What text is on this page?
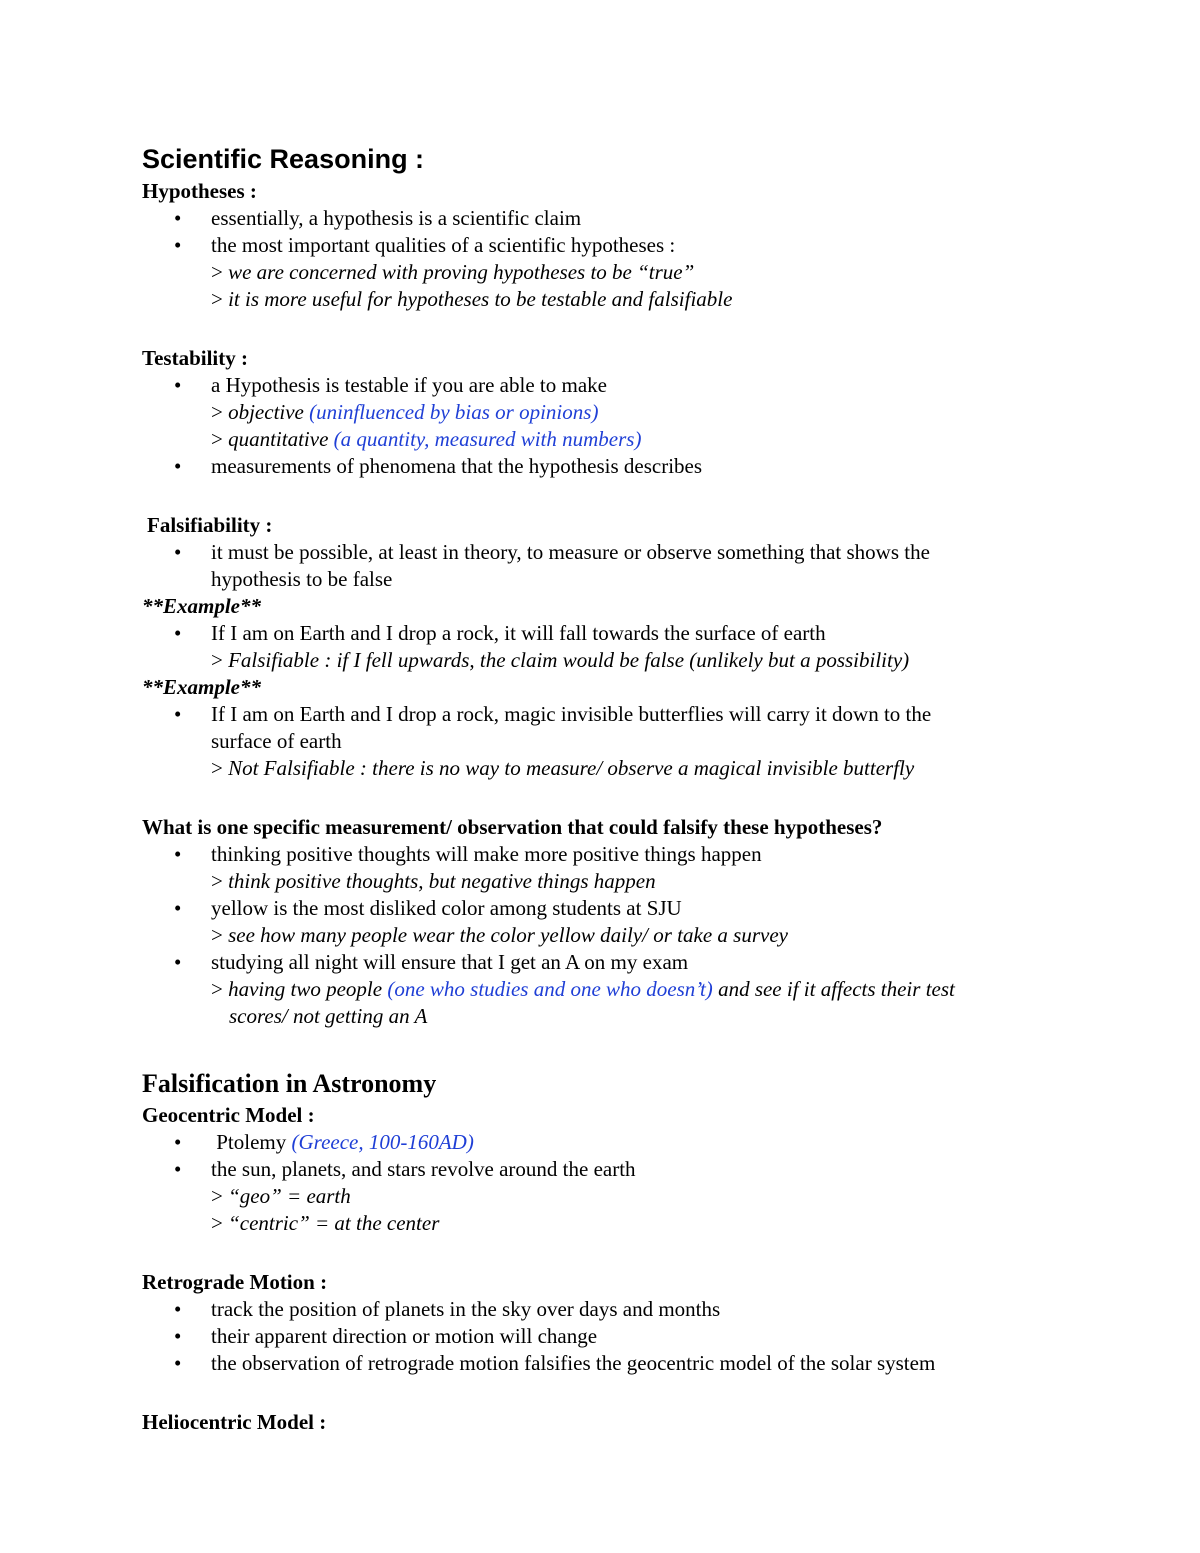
Scientific Reasoning :

Hypotheses :

• essentially, a hypothesis is a scientific claim
• the most important qualities of a scientific hypotheses :
> we are concerned with proving hypotheses to be “true”
> it is more useful for hypotheses to be testable and falsifiable

Testability :

• a Hypothesis is testable if you are able to make
> objective (uninfluenced by bias or opinions)
> quantitative (a quantity, measured with numbers)
• measurements of phenomena that the hypothesis describes

Falsifiability :

• it must be possible, at least in theory, to measure or observe something that shows the
hypothesis to be false

**Example**

• If I am on Earth and I drop a rock, it will fall towards the surface of earth
> Falsifiable : if I fell upwards, the claim would be false (unlikely but a possibility)

**Example**

• If I am on Earth and I drop a rock, magic invisible butterflies will carry it down to the
surface of earth
> Not Falsifiable : there is no way to measure/ observe a magical invisible butterfly

What is one specific measurement/ observation that could falsify these hypotheses?

• thinking positive thoughts will make more positive things happen
> think positive thoughts, but negative things happen
• yellow is the most disliked color among students at SJU
> see how many people wear the color yellow daily/ or take a survey
• studying all night will ensure that I get an A on my exam
> having two people (one who studies and one who doesn’t) and see if it affects their test
scores/ not getting an A
Falsification in Astronomy

Geocentric Model :

• Ptolemy (Greece, 100-160AD)
• the sun, planets, and stars revolve around the earth
> “geo” = earth
> “centric” = at the center

Retrograde Motion :

• track the position of planets in the sky over days and months
• their apparent direction or motion will change
• the observation of retrograde motion falsifies the geocentric model of the solar system

Heliocentric Model :
